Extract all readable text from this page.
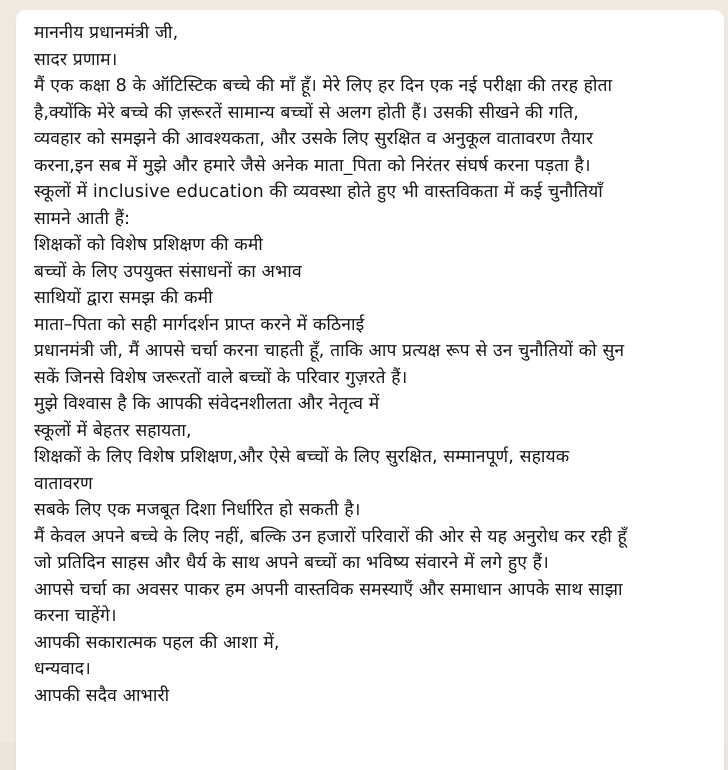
माननीय प्रधानमंत्री जी,
सादर प्रणाम।
मैं एक कक्षा 8 के ऑटिस्टिक बच्चे की माँ हूँ। मेरे लिए हर दिन एक नई परीक्षा की तरह होता
है,क्योंकि मेरे बच्चे की ज़रूरतें सामान्य बच्चों से अलग होती हैं। उसकी सीखने की गति,
व्यवहार को समझने की आवश्यकता, और उसके लिए सुरक्षित व अनुकूल वातावरण तैयार
करना,इन सब में मुझे और हमारे जैसे अनेक माता_पिता को निरंतर संघर्ष करना पड़ता है।
स्कूलों में inclusive education की व्यवस्था होते हुए भी वास्तविकता में कई चुनौतियाँ
सामने आती हैं:
शिक्षकों को विशेष प्रशिक्षण की कमी
बच्चों के लिए उपयुक्त संसाधनों का अभाव
साथियों द्वारा समझ की कमी
माता–पिता को सही मार्गदर्शन प्राप्त करने में कठिनाई
प्रधानमंत्री जी, मैं आपसे चर्चा करना चाहती हूँ, ताकि आप प्रत्यक्ष रूप से उन चुनौतियों को सुन
सकें जिनसे विशेष जरूरतों वाले बच्चों के परिवार गुज़रते हैं।
मुझे विश्वास है कि आपकी संवेदनशीलता और नेतृत्व में
स्कूलों में बेहतर सहायता,
शिक्षकों के लिए विशेष प्रशिक्षण,और ऐसे बच्चों के लिए सुरक्षित, सम्मानपूर्ण, सहायक
वातावरण
सबके लिए एक मजबूत दिशा निर्धारित हो सकती है।
मैं केवल अपने बच्चे के लिए नहीं, बल्कि उन हजारों परिवारों की ओर से यह अनुरोध कर रही हूँ
जो प्रतिदिन साहस और धैर्य के साथ अपने बच्चों का भविष्य संवारने में लगे हुए हैं।
आपसे चर्चा का अवसर पाकर हम अपनी वास्तविक समस्याएँ और समाधान आपके साथ साझा
करना चाहेंगे।
आपकी सकारात्मक पहल की आशा में,
धन्यवाद।
आपकी सदैव आभारी
